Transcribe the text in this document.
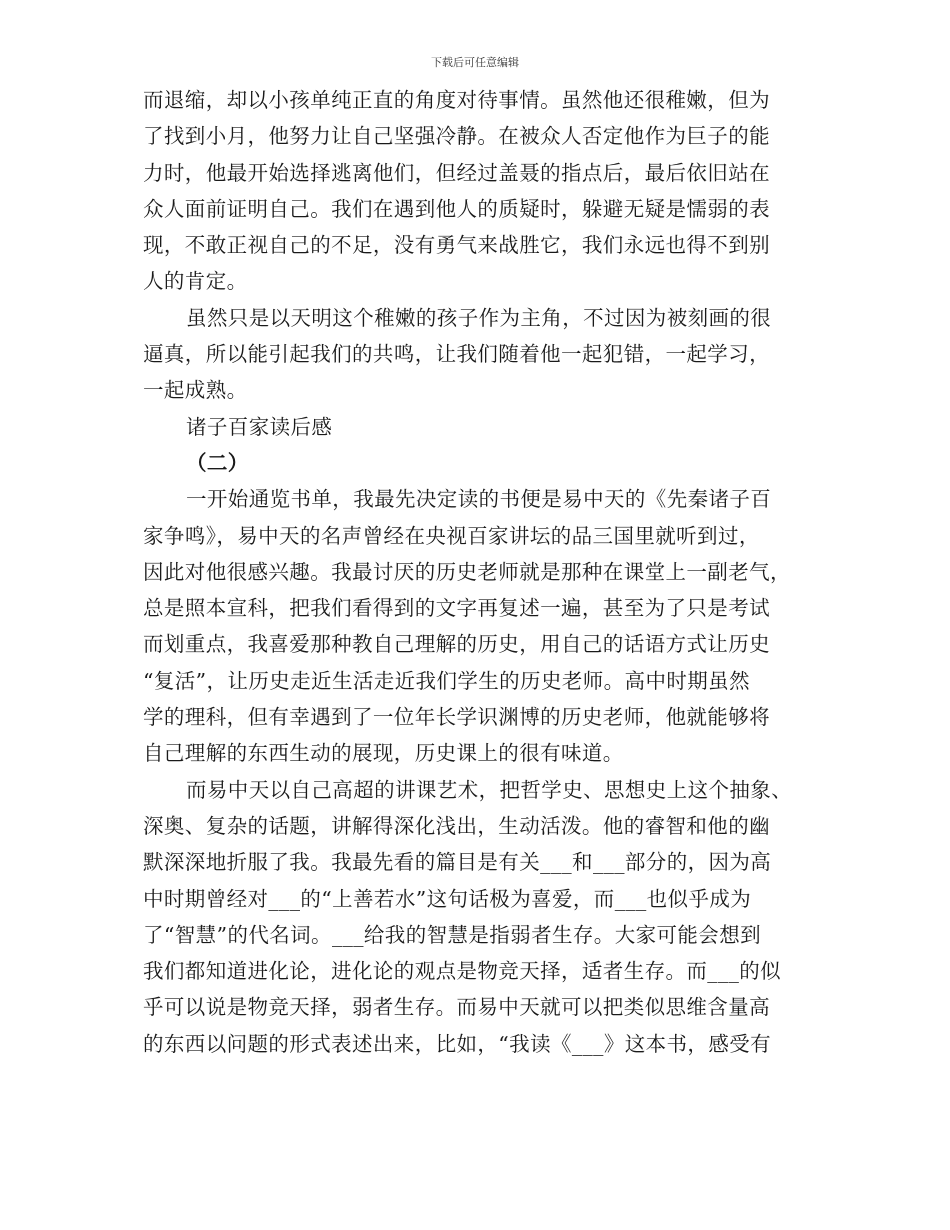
下载后可任意编辑
而退缩，却以小孩单纯正直的角度对待事情。虽然他还很稚嫩，但为
了找到小月，他努力让自己坚强冷静。在被众人否定他作为巨子的能
力时，他最开始选择逃离他们，但经过盖聂的指点后，最后依旧站在
众人面前证明自己。我们在遇到他人的质疑时，躲避无疑是懦弱的表
现，不敢正视自己的不足，没有勇气来战胜它，我们永远也得不到别
人的肯定。
虽然只是以天明这个稚嫩的孩子作为主角，不过因为被刻画的很
逼真，所以能引起我们的共鸣，让我们随着他一起犯错，一起学习，
一起成熟。
诸子百家读后感
（二）
一开始通览书单，我最先决定读的书便是易中天的《先秦诸子百
家争鸣》，易中天的名声曾经在央视百家讲坛的品三国里就听到过，
因此对他很感兴趣。我最讨厌的历史老师就是那种在课堂上一副老气，
总是照本宣科，把我们看得到的文字再复述一遍，甚至为了只是考试
而划重点，我喜爱那种教自己理解的历史，用自己的话语方式让历史
“复活”，让历史走近生活走近我们学生的历史老师。高中时期虽然
学的理科，但有幸遇到了一位年长学识渊博的历史老师，他就能够将
自己理解的东西生动的展现，历史课上的很有味道。
而易中天以自己高超的讲课艺术，把哲学史、思想史上这个抽象、
深奥、复杂的话题，讲解得深化浅出，生动活泼。他的睿智和他的幽
默深深地折服了我。我最先看的篇目是有关___和___部分的，因为高
中时期曾经对___的“上善若水”这句话极为喜爱，而___也似乎成为
了“智慧”的代名词。___给我的智慧是指弱者生存。大家可能会想到
我们都知道进化论，进化论的观点是物竞天择，适者生存。而___的似
乎可以说是物竞天择，弱者生存。而易中天就可以把类似思维含量高
的东西以问题的形式表述出来，比如，“我读《___》这本书，感受有
